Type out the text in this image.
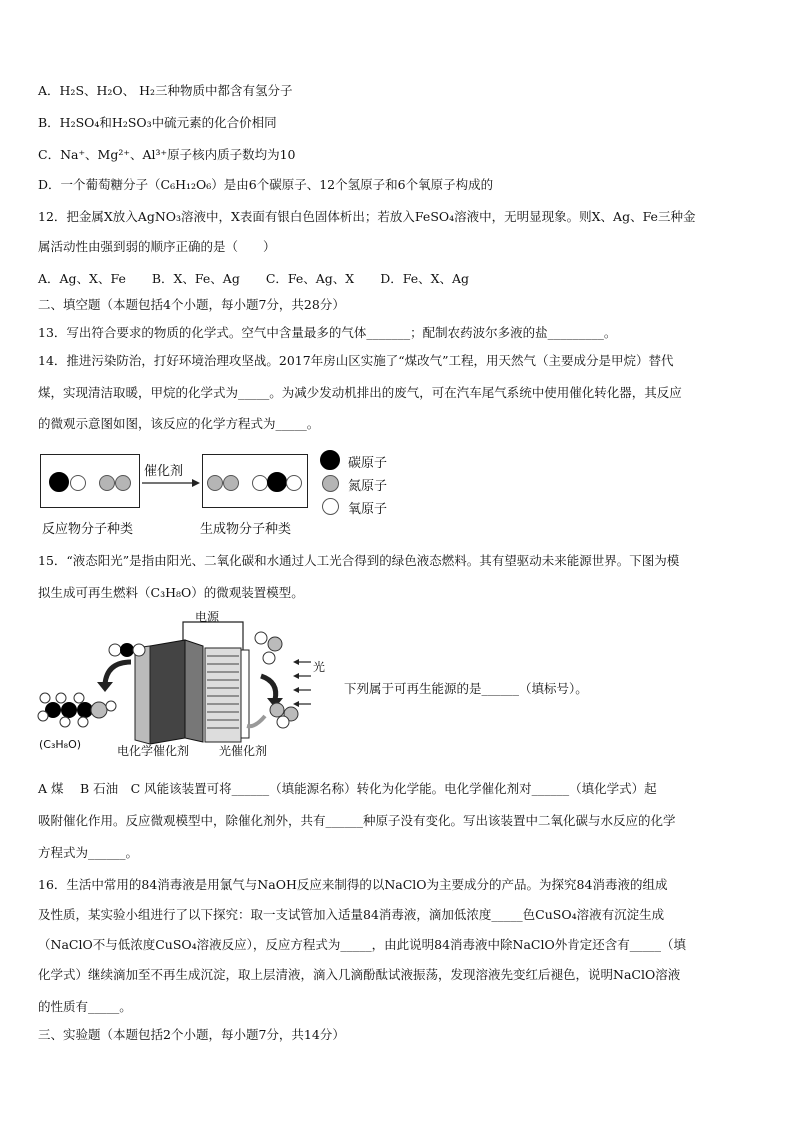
A．H₂S、H₂O、 H₂三种物质中都含有氢分子
B．H₂SO₄和H₂SO₃中硫元素的化合价相同
C．Na⁺、Mg²⁺、Al³⁺原子核内质子数均为10
D．一个葡萄糖分子（C₆H₁₂O₆）是由6个碳原子、12个氢原子和6个氧原子构成的
12．把金属X放入AgNO₃溶液中，X表面有银白色固体析出；若放入FeSO₄溶液中，无明显现象。则X、Ag、Fe三种金
属活动性由强到弱的顺序正确的是（　　）
A．Ag、X、Fe B．X、Fe、Ag C．Fe、Ag、X D．Fe、X、Ag
二、填空题（本题包括4个小题，每小题7分，共28分）
13．写出符合要求的物质的化学式。空气中含量最多的气体_______；配制农药波尔多液的盐_________。
14．推进污染防治，打好环境治理攻坚战。2017年房山区实施了“煤改气”工程，用天然气（主要成分是甲烷）替代
煤，实现清洁取暖，甲烷的化学式为_____。为减少发动机排出的废气，可在汽车尾气系统中使用催化转化器，其反应
的微观示意图如图，该反应的化学方程式为_____。
催化剂
反应物分子种类	生成物分子种类
碳原子
氮原子
氧原子
15．“液态阳光”是指由阳光、二氧化碳和水通过人工光合得到的绿色液态燃料。其有望驱动未来能源世界。下图为模
拟生成可再生燃料（C₃H₈O）的微观装置模型。
电源
光
(C₃H₈O)	电化学催化剂 光催化剂
下列属于可再生能源的是______（填标号）。
A 煤　 B 石油　C 风能该装置可将______（填能源名称）转化为化学能。电化学催化剂对______（填化学式）起
吸附催化作用。反应微观模型中，除催化剂外，共有______种原子没有变化。写出该装置中二氧化碳与水反应的化学
方程式为______。
16．生活中常用的84消毒液是用氯气与NaOH反应来制得的以NaClO为主要成分的产品。为探究84消毒液的组成
及性质，某实验小组进行了以下探究：取一支试管加入适量84消毒液，滴加低浓度_____色CuSO₄溶液有沉淀生成
（NaClO不与低浓度CuSO₄溶液反应），反应方程式为_____，由此说明84消毒液中除NaClO外肯定还含有_____（填
化学式）继续滴加至不再生成沉淀，取上层清液，滴入几滴酚酞试液振荡，发现溶液先变红后褪色，说明NaClO溶液
的性质有_____。
三、实验题（本题包括2个小题，每小题7分，共14分）
